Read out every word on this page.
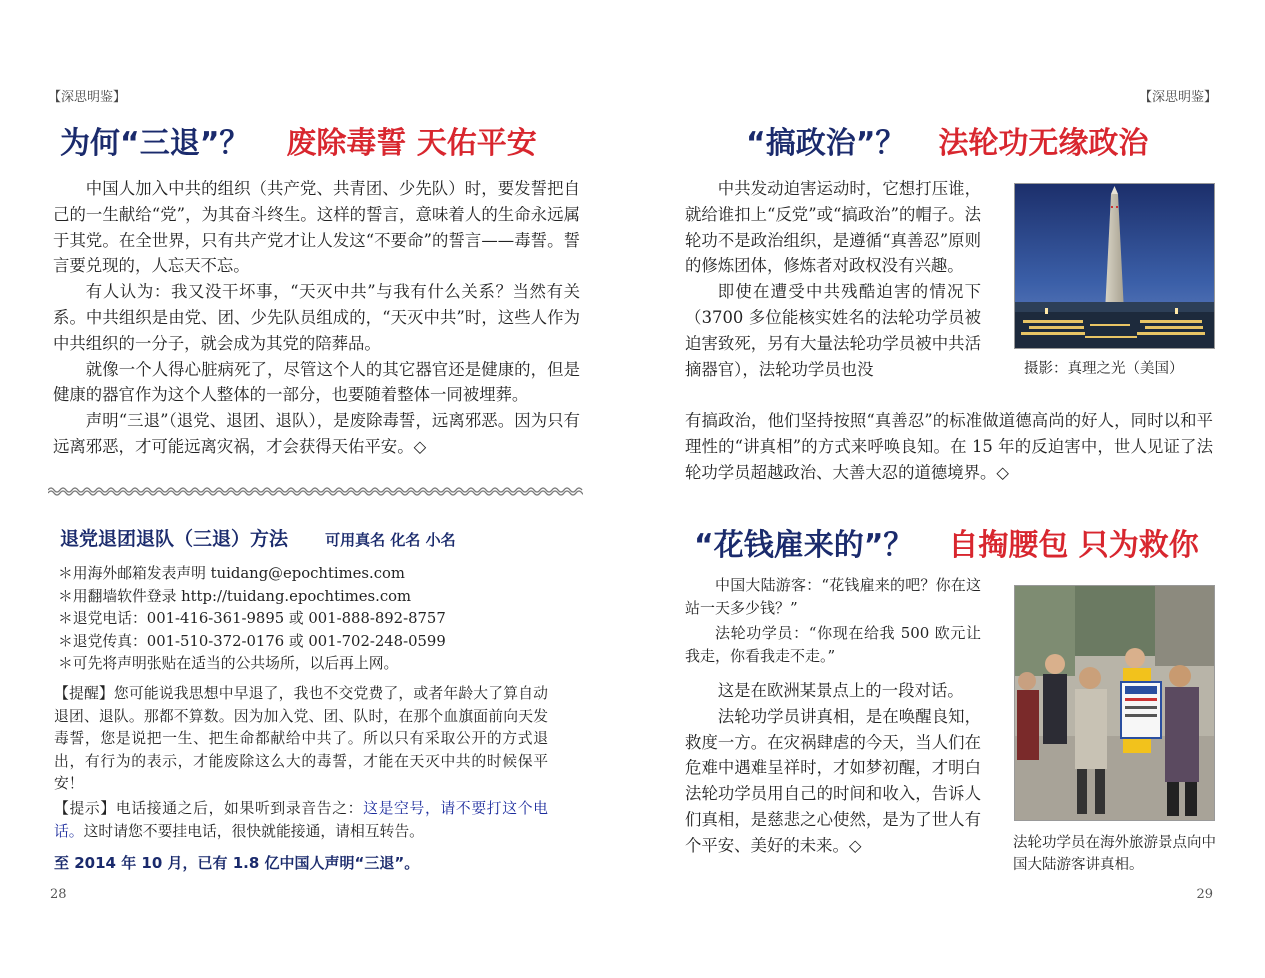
【深思明鉴】
为何“三退”？ 废除毒誓 天佑平安

中国人加入中共的组织（共产党、共青团、少先队）时，要发誓把自己的一生献给“党”，为其奋斗终生。这样的誓言，意味着人的生命永远属于其党。在全世界，只有共产党才让人发这“不要命”的誓言——毒誓。誓言要兑现的，人忘天不忘。

有人认为：我又没干坏事，“天灭中共”与我有什么关系？当然有关系。中共组织是由党、团、少先队员组成的，“天灭中共”时，这些人作为中共组织的一分子，就会成为其党的陪葬品。

就像一个人得心脏病死了，尽管这个人的其它器官还是健康的，但是健康的器官作为这个人整体的一部分，也要随着整体一同被埋葬。

声明“三退”（退党、退团、退队），是废除毒誓，远离邪恶。因为只有远离邪恶，才可能远离灾祸，才会获得天佑平安。◇

退党退团退队（三退）方法 可用真名 化名 小名

＊用海外邮箱发表声明 tuidang@epochtimes.com

＊用翻墙软件登录 http://tuidang.epochtimes.com

＊退党电话：001-416-361-9895 或 001-888-892-8757

＊退党传真：001-510-372-0176 或 001-702-248-0599

＊可先将声明张贴在适当的公共场所，以后再上网。

【提醒】您可能说我思想中早退了，我也不交党费了，或者年龄大了算自动退团、退队。那都不算数。因为加入党、团、队时，在那个血旗面前向天发毒誓，您是说把一生、把生命都献给中共了。所以只有采取公开的方式退出，有行为的表示，才能废除这么大的毒誓，才能在天灭中共的时候保平安！

【提示】电话接通之后，如果听到录音告之：这是空号，请不要打这个电话。这时请您不要挂电话，很快就能接通，请相互转告。

至 2014 年 10 月，已有 1.8 亿中国人声明“三退”。
28
【深思明鉴】
“搞政治”？ 法轮功无缘政治

中共发动迫害运动时，它想打压谁，就给谁扣上“反党”或“搞政治”的帽子。法轮功不是政治组织，是遵循“真善忍”原则的修炼团体，修炼者对政权没有兴趣。

即使在遭受中共残酷迫害的情况下（3700 多位能核实姓名的法轮功学员被迫害致死，另有大量法轮功学员被中共活摘器官），法轮功学员也没

有搞政治，他们坚持按照“真善忍”的标准做道德高尚的好人，同时以和平理性的“讲真相”的方式来呼唤良知。在 15 年的反迫害中，世人见证了法轮功学员超越政治、大善大忍的道德境界。◇

摄影：真理之光（美国）
“花钱雇来的”？ 自掏腰包 只为救你

中国大陆游客：“花钱雇来的吧？你在这站一天多少钱？”

法轮功学员：“你现在给我 500 欧元让我走，你看我走不走。”

这是在欧洲某景点上的一段对话。

法轮功学员讲真相，是在唤醒良知，救度一方。在灾祸肆虐的今天，当人们在危难中遇难呈祥时，才如梦初醒，才明白法轮功学员用自己的时间和收入，告诉人们真相，是慈悲之心使然，是为了世人有个平安、美好的未来。◇	法轮功学员在海外旅游景点向中国大陆游客讲真相。
29
